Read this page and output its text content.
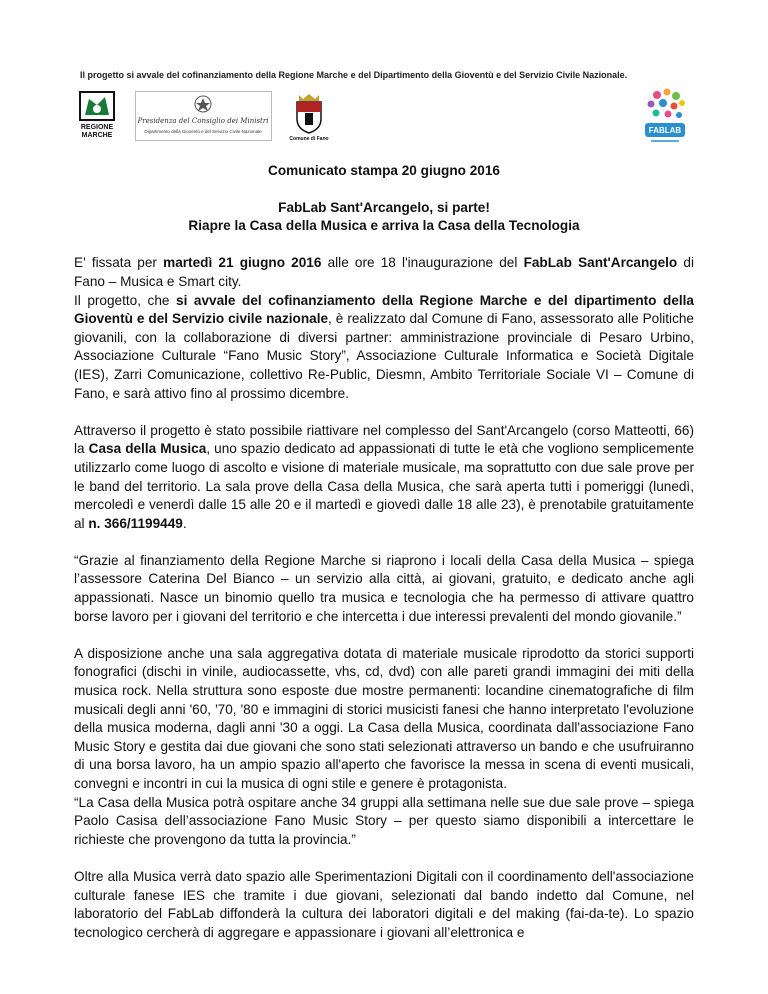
Il progetto si avvale del cofinanziamento della Regione Marche e del Dipartimento della Gioventù e del Servizio Civile Nazionale.
REGIONE
MARCHE
Presidenza del Consiglio dei Ministri
Dipartimento della Gioventù e del Servizio Civile Nazionale
Comune di Fano
FABLAB
Comunicato stampa 20 giugno 2016
FabLab Sant'Arcangelo, si parte!
Riapre la Casa della Musica e arriva la Casa della Tecnologia

E' fissata per martedì 21 giugno 2016 alle ore 18 l'inaugurazione del FabLab Sant'Arcangelo di Fano – Musica e Smart city.

Il progetto, che si avvale del cofinanziamento della Regione Marche e del dipartimento della Gioventù e del Servizio civile nazionale, è realizzato dal Comune di Fano, assessorato alle Politiche giovanili, con la collaborazione di diversi partner: amministrazione provinciale di Pesaro Urbino, Associazione Culturale “Fano Music Story”, Associazione Culturale Informatica e Società Digitale (IES), Zarri Comunicazione, collettivo Re-Public, Diesmn, Ambito Territoriale Sociale VI – Comune di Fano, e sarà attivo fino al prossimo dicembre.

Attraverso il progetto è stato possibile riattivare nel complesso del Sant'Arcangelo (corso Matteotti, 66) la Casa della Musica, uno spazio dedicato ad appassionati di tutte le età che vogliono semplicemente utilizzarlo come luogo di ascolto e visione di materiale musicale, ma soprattutto con due sale prove per le band del territorio. La sala prove della Casa della Musica, che sarà aperta tutti i pomeriggi (lunedì, mercoledì e venerdì dalle 15 alle 20 e il martedì e giovedì dalle 18 alle 23), è prenotabile gratuitamente al n. 366/1199449.

“Grazie al finanziamento della Regione Marche si riaprono i locali della Casa della Musica – spiega l’assessore Caterina Del Bianco – un servizio alla città, ai giovani, gratuito, e dedicato anche agli appassionati. Nasce un binomio quello tra musica e tecnologia che ha permesso di attivare quattro borse lavoro per i giovani del territorio e che intercetta i due interessi prevalenti del mondo giovanile.”

A disposizione anche una sala aggregativa dotata di materiale musicale riprodotto da storici supporti fonografici (dischi in vinile, audiocassette, vhs, cd, dvd) con alle pareti grandi immagini dei miti della musica rock. Nella struttura sono esposte due mostre permanenti: locandine cinematografiche di film musicali degli anni '60, '70, '80 e immagini di storici musicisti fanesi che hanno interpretato l'evoluzione della musica moderna, dagli anni '30 a oggi. La Casa della Musica, coordinata dall'associazione Fano Music Story e gestita dai due giovani che sono stati selezionati attraverso un bando e che usufruiranno di una borsa lavoro, ha un ampio spazio all'aperto che favorisce la messa in scena di eventi musicali, convegni e incontri in cui la musica di ogni stile e genere è protagonista.

“La Casa della Musica potrà ospitare anche 34 gruppi alla settimana nelle sue due sale prove – spiega Paolo Casisa dell’associazione Fano Music Story – per questo siamo disponibili a intercettare le richieste che provengono da tutta la provincia.”

Oltre alla Musica verrà dato spazio alle Sperimentazioni Digitali con il coordinamento dell'associazione culturale fanese IES che tramite i due giovani, selezionati dal bando indetto dal Comune, nel laboratorio del FabLab diffonderà la cultura dei laboratori digitali e del making (fai-da-te). Lo spazio tecnologico cercherà di aggregare e appassionare i giovani all’elettronica e
